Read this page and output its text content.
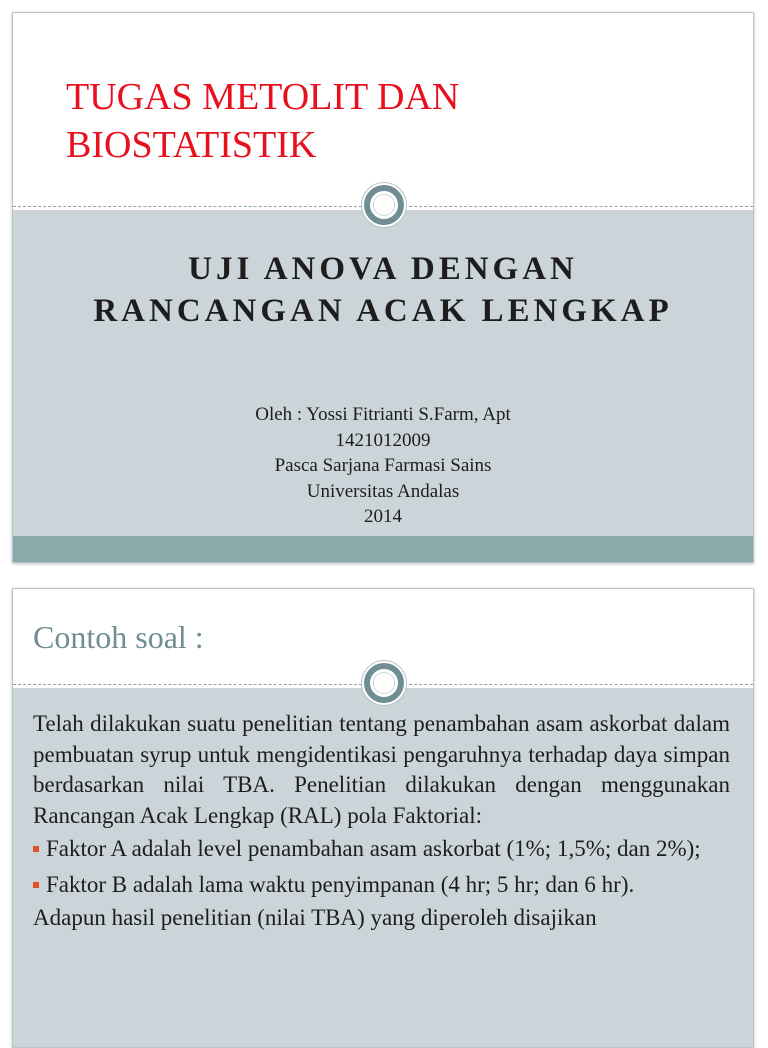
TUGAS METOLIT DAN
BIOSTATISTIK
UJI ANOVA DENGAN
RANCANGAN ACAK LENGKAP
Oleh : Yossi Fitrianti S.Farm, Apt
1421012009
Pasca Sarjana Farmasi Sains
Universitas Andalas
2014
Contoh soal :

Telah dilakukan suatu penelitian tentang penambahan asam askorbat dalam pembuatan syrup untuk mengidentikasi pengaruhnya terhadap daya simpan berdasarkan nilai TBA. Penelitian dilakukan dengan menggunakan Rancangan Acak Lengkap (RAL) pola Faktorial:

Faktor A adalah level penambahan asam askorbat (1%; 1,5%; dan 2%);
Faktor B adalah lama waktu penyimpanan (4 hr; 5 hr; dan 6 hr).

Adapun hasil penelitian (nilai TBA) yang diperoleh disajikan
